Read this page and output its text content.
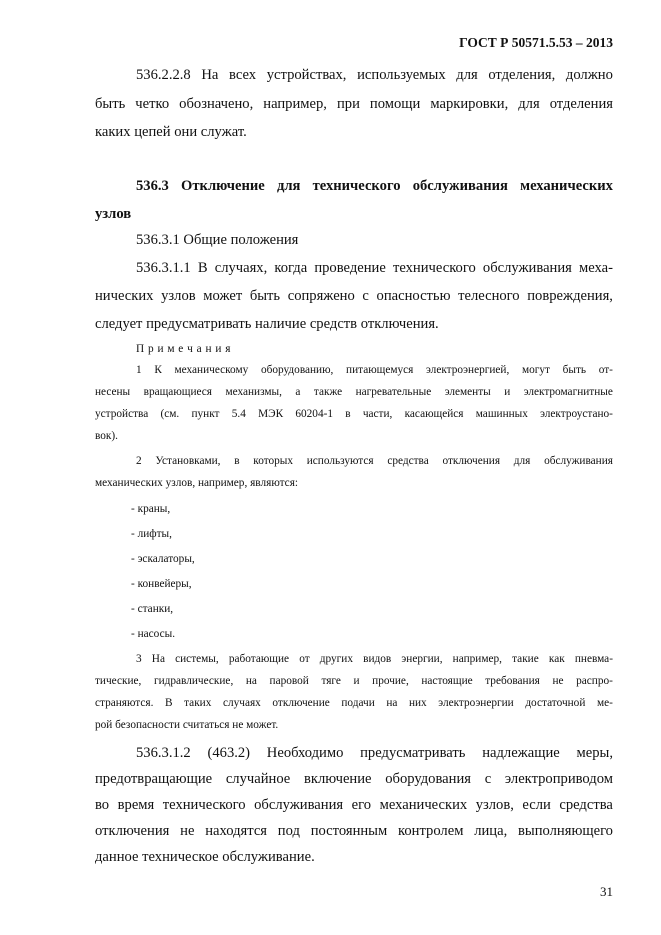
ГОСТ Р 50571.5.53 – 2013
536.2.2.8 На всех устройствах, используемых для отделения, должно
быть четко обозначено, например, при помощи маркировки, для отделения
каких цепей они служат.
536.3 Отключение для технического обслуживания механических
узлов
536.3.1 Общие положения
536.3.1.1 В случаях, когда проведение технического обслуживания меха-
нических узлов может быть сопряжено с опасностью телесного повреждения,
следует предусматривать наличие средств отключения.
П р и м е ч а н и я
1 К механическому оборудованию, питающемуся электроэнергией, могут быть от-
несены вращающиеся механизмы, а также нагревательные элементы и электромагнитные
устройства (см. пункт 5.4 МЭК 60204-1 в части, касающейся машинных электроустано-
вок).
2 Установками, в которых используются средства отключения для обслуживания
механических узлов, например, являются:
- краны,
- лифты,
- эскалаторы,
- конвейеры,
- станки,
- насосы.
3 На системы, работающие от других видов энергии, например, такие как пневма-
тические, гидравлические, на паровой тяге и прочие, настоящие требования не распро-
страняются. В таких случаях отключение подачи на них электроэнергии достаточной ме-
рой безопасности считаться не может.
536.3.1.2 (463.2) Необходимо предусматривать надлежащие меры,
предотвращающие случайное включение оборудования с электроприводом
во время технического обслуживания его механических узлов, если средства
отключения не находятся под постоянным контролем лица, выполняющего
данное техническое обслуживание.
31
